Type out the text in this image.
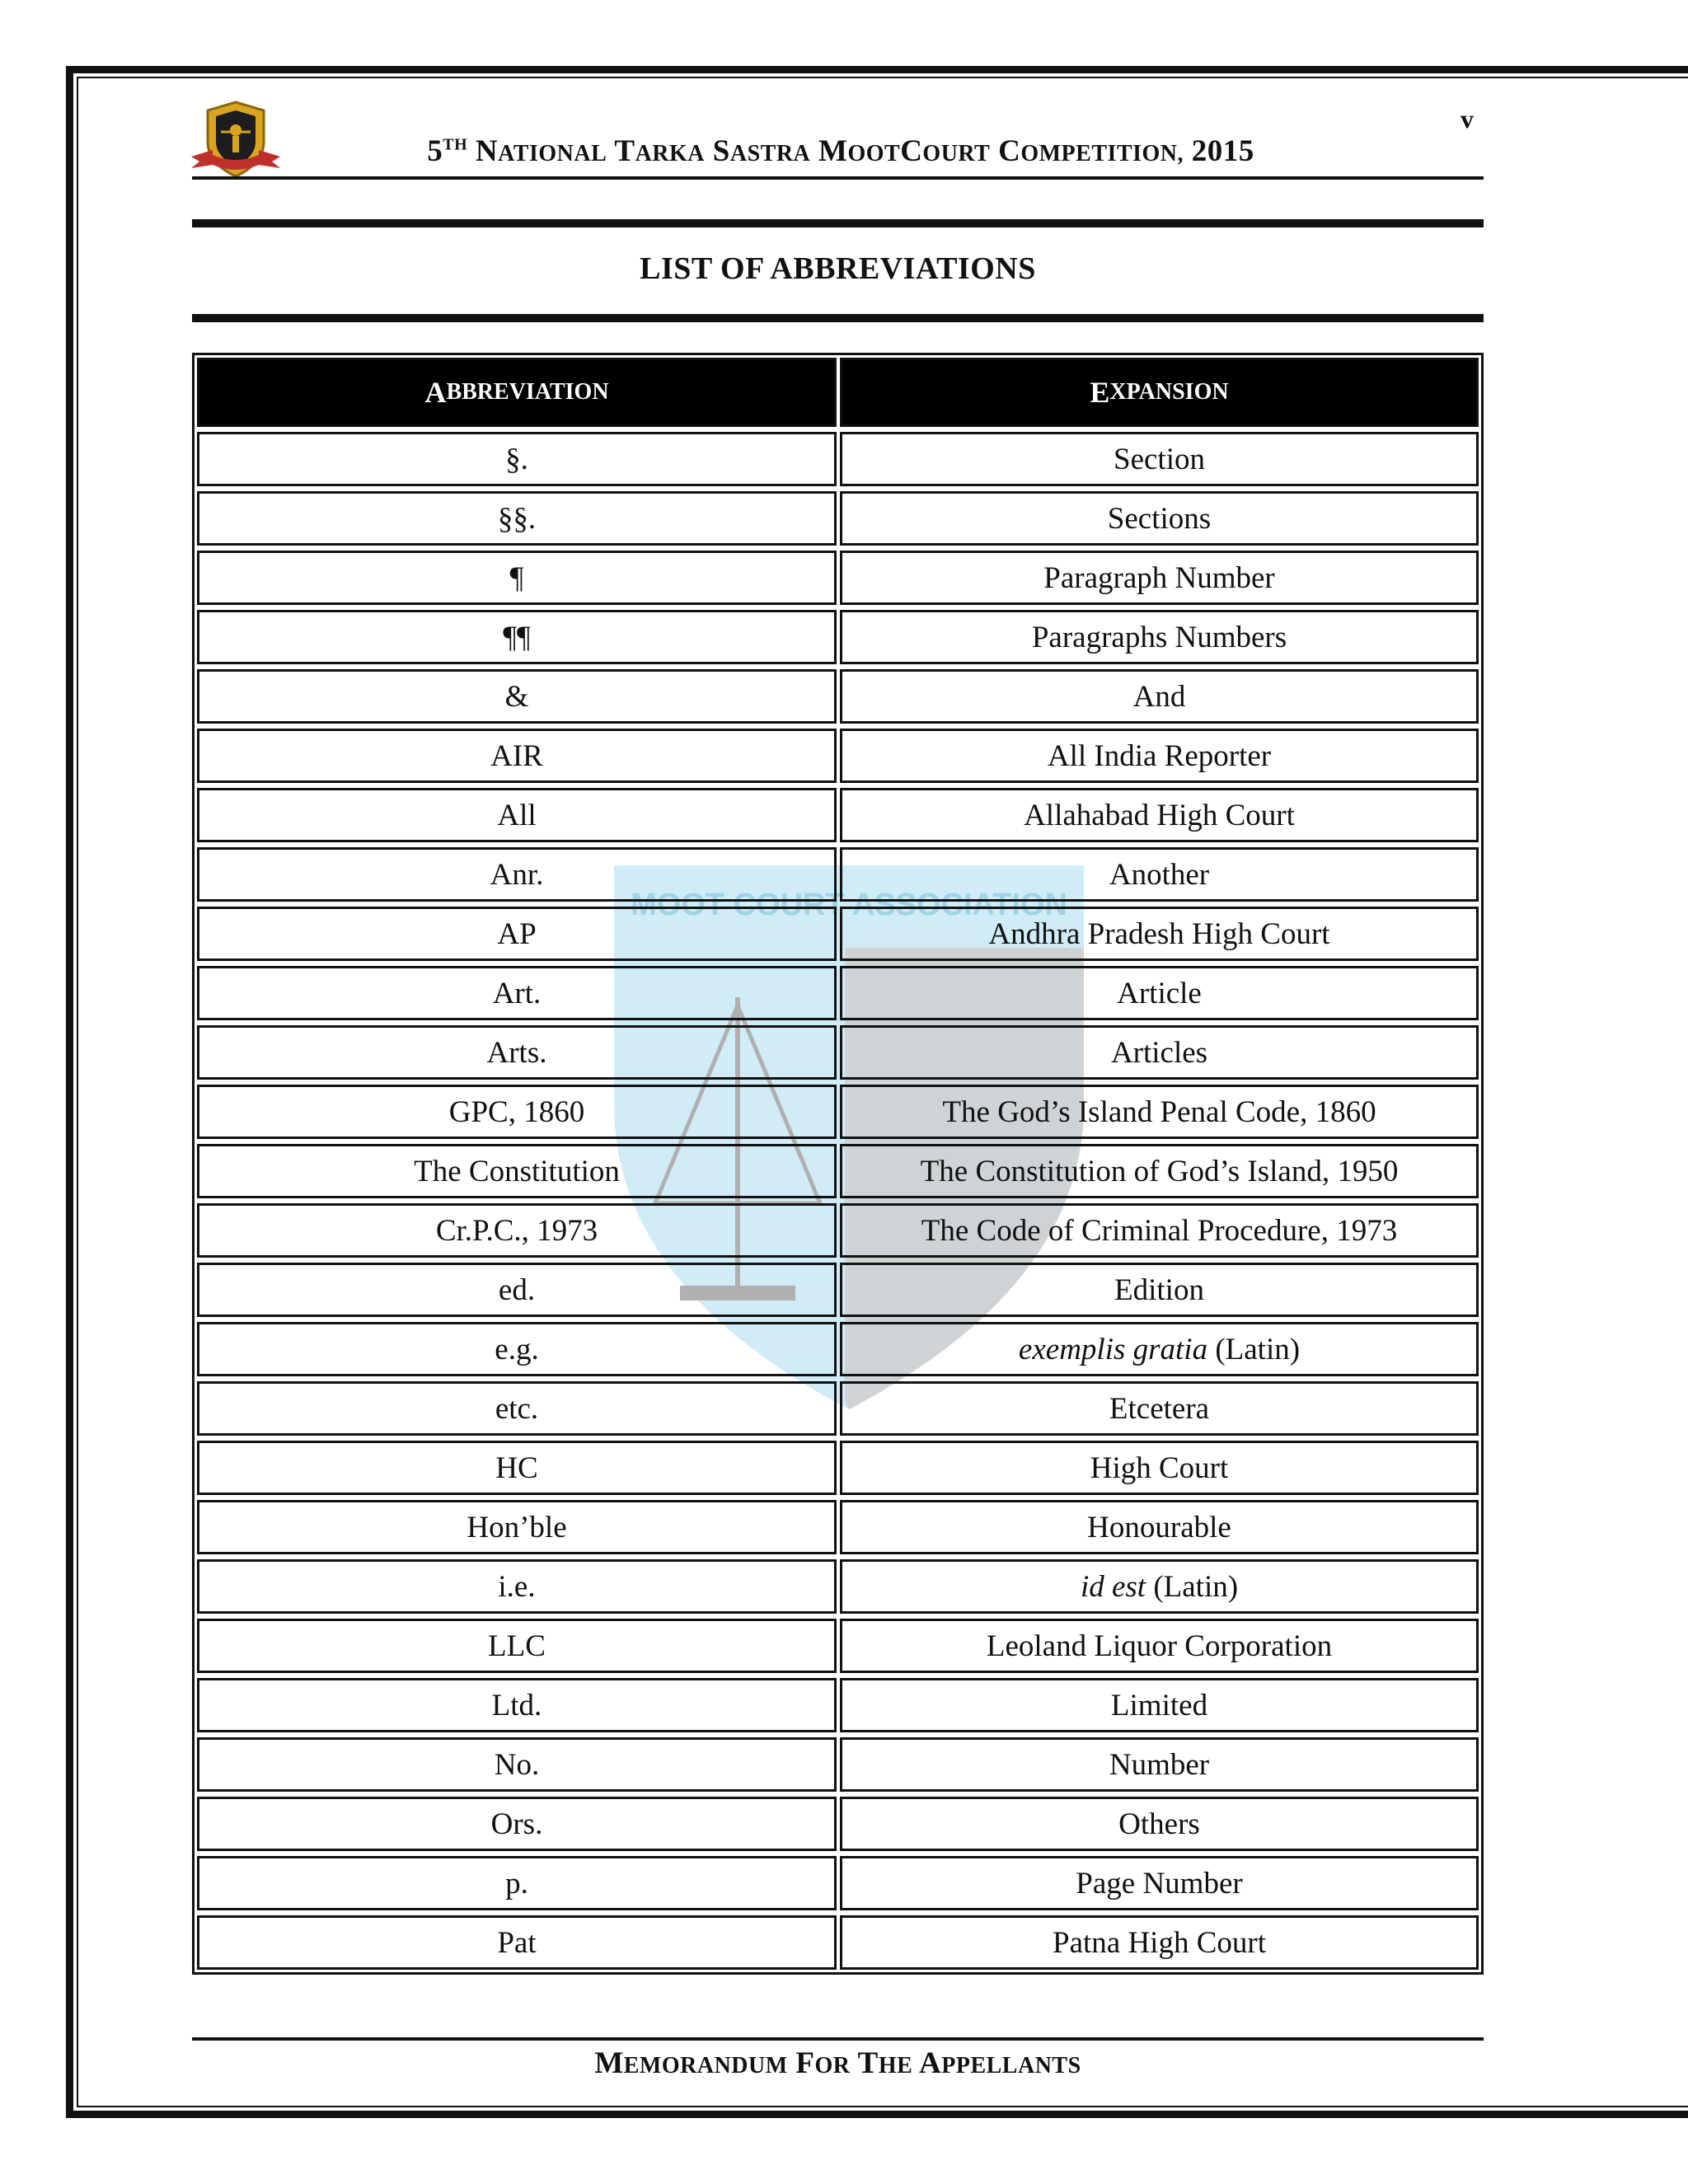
v
5TH NATIONAL TARKA SASTRA MOOTCOURT COMPETITION, 2015
LIST OF ABBREVIATIONS
MOOT COURT ASSOCIATION
A BBREVIATION	E XPANSION
§.	Section
§§.	Sections
¶	Paragraph Number
¶¶	Paragraphs Numbers
&	And
AIR	All India Reporter
All	Allahabad High Court
Anr.	Another
AP	Andhra Pradesh High Court
Art.	Article
Arts.	Articles
GPC, 1860	The God’s Island Penal Code, 1860
The Constitution	The Constitution of God’s Island, 1950
Cr.P.C., 1973	The Code of Criminal Procedure, 1973
ed.	Edition
e.g.	exemplis gratia (Latin)
etc.	Etcetera
HC	High Court
Hon’ble	Honourable
i.e.	id est (Latin)
LLC	Leoland Liquor Corporation
Ltd.	Limited
No.	Number
Ors.	Others
p.	Page Number
Pat	Patna High Court
MEMORANDUM FOR THE APPELLANTS
